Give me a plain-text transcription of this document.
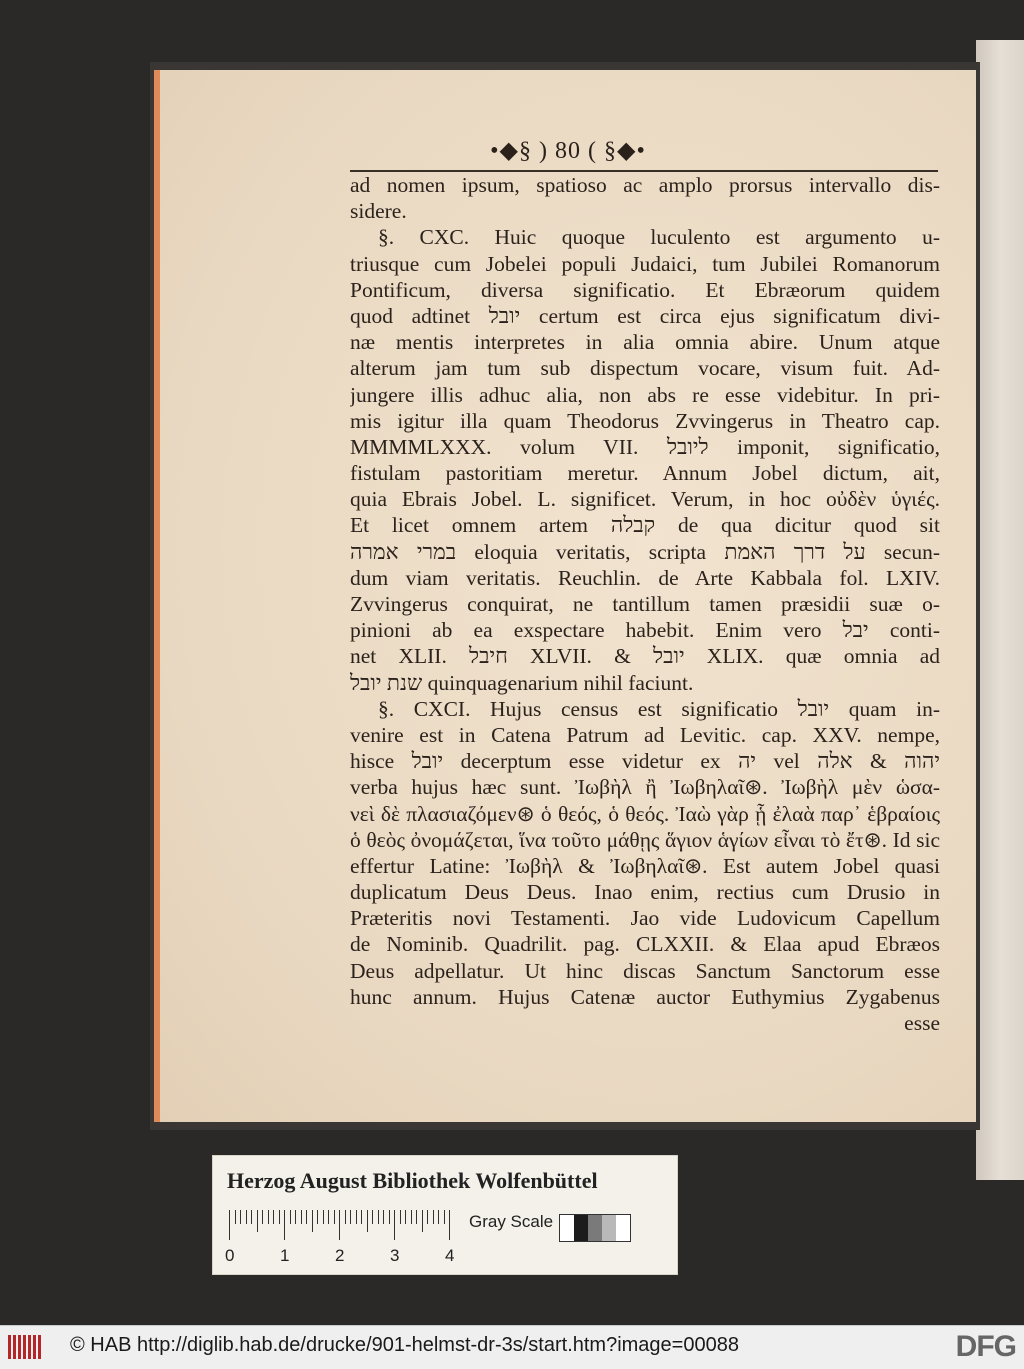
•◆§ ) 80 ( §◆•
ad nomen ipsum, spatioso ac amplo prorsus intervallo dis-
sidere.
§. CXC. Huic quoque luculento est argumento u-
triusque cum Jobelei populi Judaici, tum Jubilei Romanorum
Pontificum, diversa significatio. Et Ebræorum quidem
quod adtinet יובל certum est circa ejus significatum divi-
næ mentis interpretes in alia omnia abire. Unum atque
alterum jam tum sub dispectum vocare, visum fuit. Ad-
jungere illis adhuc alia, non abs re esse videbitur. In pri-
mis igitur illa quam Theodorus Zvvingerus in Theatro cap.
MMMMLXXX. volum VII. ליובל imponit, significatio,
fistulam pastoritiam meretur. Annum Jobel dictum, ait,
quia Ebrais Jobel. L. significet. Verum, in hoc οὐδὲν ὑγιές.
Et licet omnem artem קבלה de qua dicitur quod sit
במרי אמרה eloquia veritatis, scripta על דרך האמת secun-
dum viam veritatis. Reuchlin. de Arte Kabbala fol. LXIV.
Zvvingerus conquirat, ne tantillum tamen præsidii suæ o-
pinioni ab ea exspectare habebit. Enim vero יבל conti-
net XLII. חיבל XLVII. & יובל XLIX. quæ omnia ad
שנת יובל quinquagenarium nihil faciunt.
§. CXCI. Hujus census est significatio יובל quam in-
venire est in Catena Patrum ad Levitic. cap. XXV. nempe,
hisce יובל decerptum esse videtur ex יה vel יהוה & אלה
verba hujus hæc sunt. Ἰωβὴλ ἢ Ἰωβηλαῖ⊛. Ἰωβὴλ μὲν ὡσα-
νεὶ δὲ πλασιαζόμεν⊛ ὁ θεός, ὁ θεός. Ἰαὼ γὰρ ᾗ ἐλαὰ παρ᾽ ἑβραίοις
ὁ θεὸς ὀνομάζεται, ἵνα τοῦτο μάθῃς ἅγιον ἁγίων εἶναι τὸ ἔτ⊛. Id sic
effertur Latine: Ἰωβὴλ & Ἰωβηλαῖ⊛. Est autem Jobel quasi
duplicatum Deus Deus. Inao enim, rectius cum Drusio in
Præteritis novi Testamenti. Jao vide Ludovicum Capellum
de Nominib. Quadrilit. pag. CLXXII. & Elaa apud Ebræos
Deus adpellatur. Ut hinc discas Sanctum Sanctorum esse
hunc annum. Hujus Catenæ auctor Euthymius Zygabenus
esse
Herzog August Bibliothek Wolfenbüttel
0	1	2	3	4
Gray Scale
© HAB http://diglib.hab.de/drucke/901-helmst-dr-3s/start.htm?image=00088	DFG
